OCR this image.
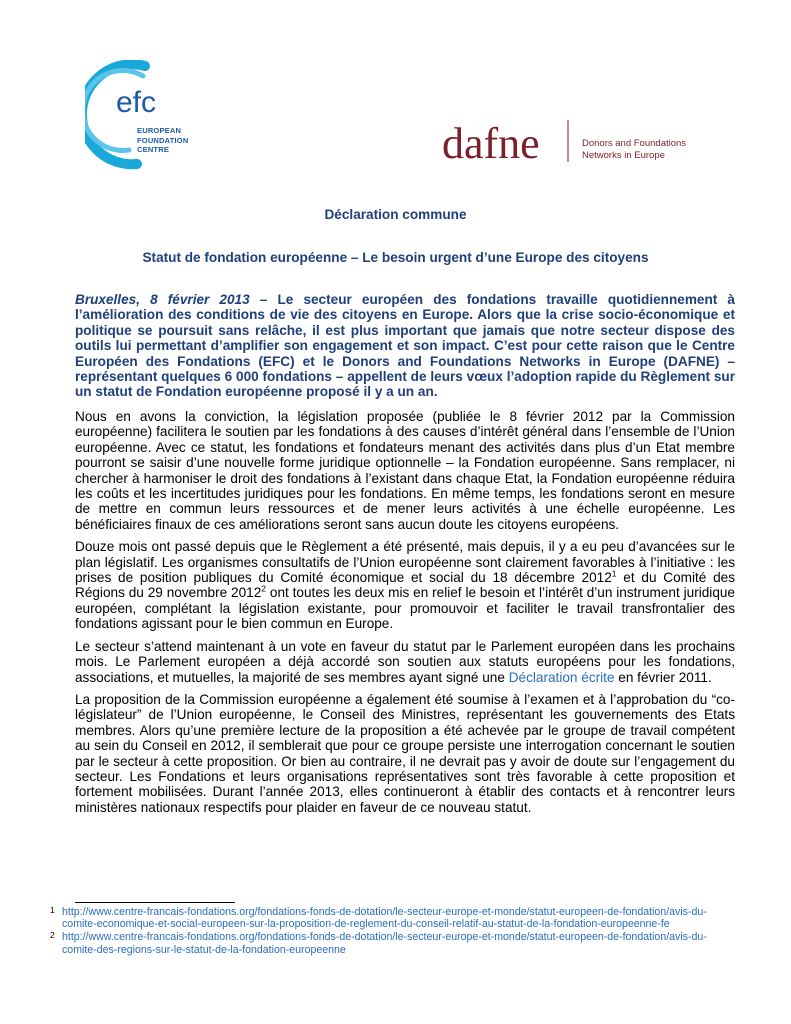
efc
EUROPEAN
FOUNDATION
CENTRE	dafne	Donors and Foundations
Networks in Europe
Déclaration commune
Statut de fondation européenne – Le besoin urgent d’une Europe des citoyens

Bruxelles, 8 février 2013 – Le secteur européen des fondations travaille quotidiennement à l’amélioration des conditions de vie des citoyens en Europe. Alors que la crise socio-économique et politique se poursuit sans relâche, il est plus important que jamais que notre secteur dispose des outils lui permettant d’amplifier son engagement et son impact. C’est pour cette raison que le Centre Européen des Fondations (EFC) et le Donors and Foundations Networks in Europe (DAFNE) – représentant quelques 6 000 fondations – appellent de leurs vœux l’adoption rapide du Règlement sur un statut de Fondation européenne proposé il y a un an.

Nous en avons la conviction, la législation proposée (publiée le 8 février 2012 par la Commission européenne) facilitera le soutien par les fondations à des causes d’intérêt général dans l’ensemble de l’Union européenne. Avec ce statut, les fondations et fondateurs menant des activités dans plus d’un Etat membre pourront se saisir d’une nouvelle forme juridique optionnelle – la Fondation européenne. Sans remplacer, ni chercher à harmoniser le droit des fondations à l’existant dans chaque Etat, la Fondation européenne réduira les coûts et les incertitudes juridiques pour les fondations. En même temps, les fondations seront en mesure de mettre en commun leurs ressources et de mener leurs activités à une échelle européenne. Les bénéficiaires finaux de ces améliorations seront sans aucun doute les citoyens européens.

Douze mois ont passé depuis que le Règlement a été présenté, mais depuis, il y a eu peu d’avancées sur le plan législatif. Les organismes consultatifs de l’Union européenne sont clairement favorables à l’initiative : les prises de position publiques du Comité économique et social du 18 décembre 2012$^1$ et du Comité des Régions du 29 novembre 2012$^2$ ont toutes les deux mis en relief le besoin et l’intérêt d’un instrument juridique européen, complétant la législation existante, pour promouvoir et faciliter le travail transfrontalier des fondations agissant pour le bien commun en Europe.

Le secteur s’attend maintenant à un vote en faveur du statut par le Parlement européen dans les prochains mois. Le Parlement européen a déjà accordé son soutien aux statuts européens pour les fondations, associations, et mutuelles, la majorité de ses membres ayant signé une Déclaration écrite en février 2011.

La proposition de la Commission européenne a également été soumise à l’examen et à l’approbation du “co-législateur” de l’Union européenne, le Conseil des Ministres, représentant les gouvernements des Etats membres. Alors qu’une première lecture de la proposition a été achevée par le groupe de travail compétent au sein du Conseil en 2012, il semblerait que pour ce groupe persiste une interrogation concernant le soutien par le secteur à cette proposition. Or bien au contraire, il ne devrait pas y avoir de doute sur l’engagement du secteur. Les Fondations et leurs organisations représentatives sont très favorable à cette proposition et fortement mobilisées. Durant l’année 2013, elles continueront à établir des contacts et à rencontrer leurs ministères nationaux respectifs pour plaider en faveur de ce nouveau statut.

1 http://www.centre-francais-fondations.org/fondations-fonds-de-dotation/le-secteur-europe-et-monde/statut-europeen-de-fondation/avis-du-comite-economique-et-social-europeen-sur-la-proposition-de-reglement-du-conseil-relatif-au-statut-de-la-fondation-europeenne-fe
2 http://www.centre-francais-fondations.org/fondations-fonds-de-dotation/le-secteur-europe-et-monde/statut-europeen-de-fondation/avis-du-comite-des-regions-sur-le-statut-de-la-fondation-europeenne
